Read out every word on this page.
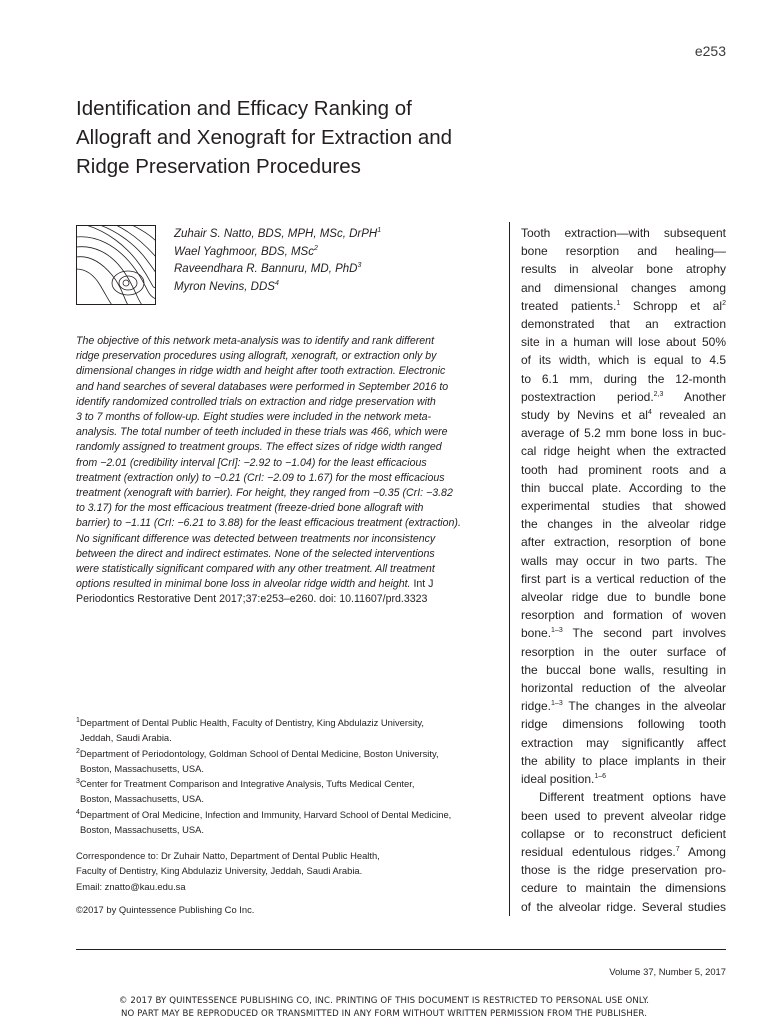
e253
Identification and Efficacy Ranking of
Allograft and Xenograft for Extraction and
Ridge Preservation Procedures
Zuhair S. Natto, BDS, MPH, MSc, DrPH$^1$
Wael Yaghmoor, BDS, MSc$^2$
Raveendhara R. Bannuru, MD, PhD$^3$
Myron Nevins, DDS$^4$
The objective of this network meta-analysis was to identify and rank different
ridge preservation procedures using allograft, xenograft, or extraction only by
dimensional changes in ridge width and height after tooth extraction. Electronic
and hand searches of several databases were performed in September 2016 to
identify randomized controlled trials on extraction and ridge preservation with
3 to 7 months of follow-up. Eight studies were included in the network meta-
analysis. The total number of teeth included in these trials was 466, which were
randomly assigned to treatment groups. The effect sizes of ridge width ranged
from −2.01 (credibility interval [CrI]: −2.92 to −1.04) for the least efficacious
treatment (extraction only) to −0.21 (CrI: −2.09 to 1.67) for the most efficacious
treatment (xenograft with barrier). For height, they ranged from −0.35 (CrI: −3.82
to 3.17) for the most efficacious treatment (freeze-dried bone allograft with
barrier) to −1.11 (CrI: −6.21 to 3.88) for the least efficacious treatment (extraction).
No significant difference was detected between treatments nor inconsistency
between the direct and indirect estimates. None of the selected interventions
were statistically significant compared with any other treatment. All treatment
options resulted in minimal bone loss in alveolar ridge width and height. Int J
Periodontics Restorative Dent 2017;37:e253–e260. doi: 10.11607/prd.3323
$^1$Department of Dental Public Health, Faculty of Dentistry, King Abdulaziz University,
Jeddah, Saudi Arabia.
$^2$Department of Periodontology, Goldman School of Dental Medicine, Boston University,
Boston, Massachusetts, USA.
$^3$Center for Treatment Comparison and Integrative Analysis, Tufts Medical Center,
Boston, Massachusetts, USA.
$^4$Department of Oral Medicine, Infection and Immunity, Harvard School of Dental Medicine,
Boston, Massachusetts, USA.
Correspondence to: Dr Zuhair Natto, Department of Dental Public Health,
Faculty of Dentistry, King Abdulaziz University, Jeddah, Saudi Arabia.
Email: znatto@kau.edu.sa
©2017 by Quintessence Publishing Co Inc.
Tooth extraction—with subsequent
bone resorption and healing—
results in alveolar bone atrophy
and dimensional changes among
treated patients.$^1$ Schropp et $al^2$
demonstrated that an extraction
site in a human will lose about 50%
of its width, which is equal to 4.5
to 6.1 mm, during the 12-month
postextraction period.$^{2,3}$ Another
study by Nevins et $al^4$ revealed an
average of 5.2 mm bone loss in buc-
cal ridge height when the extracted
tooth had prominent roots and a
thin buccal plate. According to the
experimental studies that showed
the changes in the alveolar ridge
after extraction, resorption of bone
walls may occur in two parts. The
first part is a vertical reduction of the
alveolar ridge due to bundle bone
resorption and formation of woven
bone.$^{1-3}$ The second part involves
resorption in the outer surface of
the buccal bone walls, resulting in
horizontal reduction of the alveolar
ridge.$^{1-3}$ The changes in the alveolar
ridge dimensions following tooth
extraction may significantly affect
the ability to place implants in their
ideal position.$^{1-6}$
Different treatment options have
been used to prevent alveolar ridge
collapse or to reconstruct deficient
residual edentulous ridges.$^7$ Among
those is the ridge preservation pro-
cedure to maintain the dimensions
of the alveolar ridge. Several studies
Volume 37, Number 5, 2017
© 2017 BY QUINTESSENCE PUBLISHING CO, INC. PRINTING OF THIS DOCUMENT IS RESTRICTED TO PERSONAL USE ONLY.
NO PART MAY BE REPRODUCED OR TRANSMITTED IN ANY FORM WITHOUT WRITTEN PERMISSION FROM THE PUBLISHER.
